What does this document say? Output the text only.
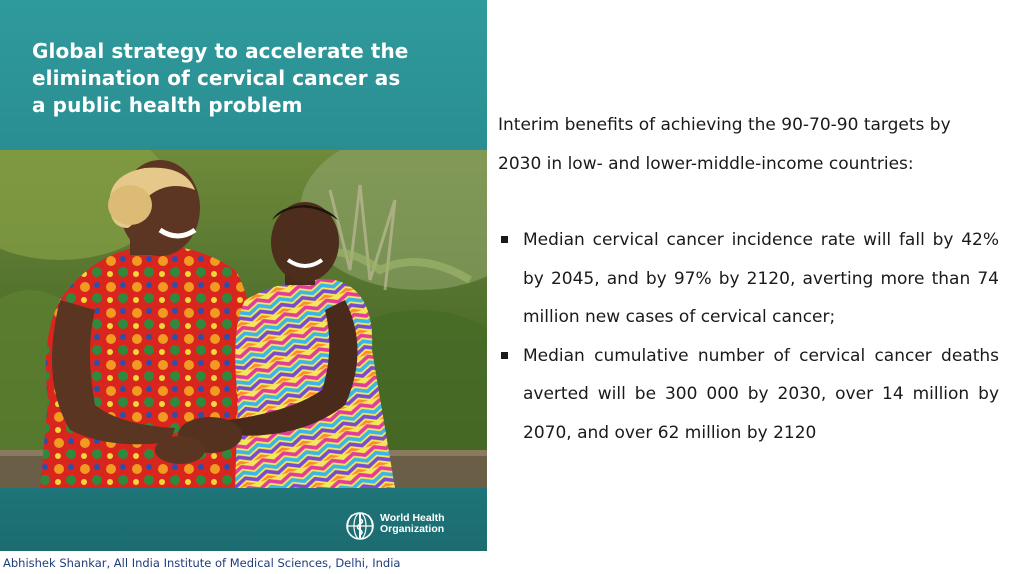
Global strategy to accelerate the
elimination of cervical cancer as
a public health problem
World Health
Organization

Interim benefits of achieving the 90-70-90 targets by 2030 in low- and lower-middle-income countries:

Median cervical cancer incidence rate will fall by 42% by 2045, and by 97% by 2120, averting more than 74 million new cases of cervical cancer;
Median cumulative number of cervical cancer deaths averted will be 300 000 by 2030, over 14 million by 2070, and over 62 million by 2120

Abhishek Shankar, All India Institute of Medical Sciences, Delhi, India
